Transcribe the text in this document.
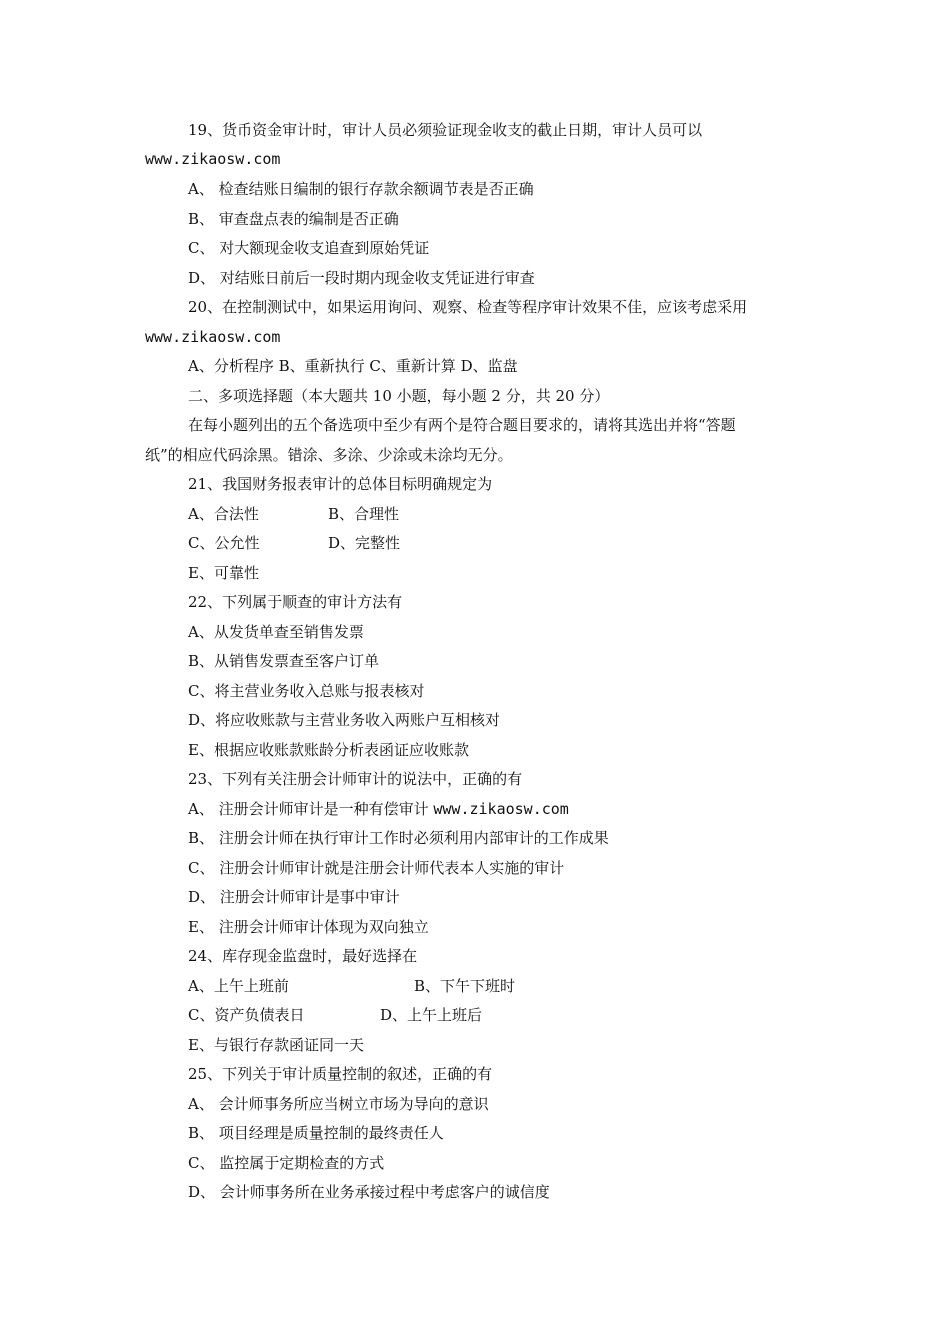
19、货币资金审计时，审计人员必须验证现金收支的截止日期，审计人员可以
www.zikaosw.com
A、 检查结账日编制的银行存款余额调节表是否正确
B、 审查盘点表的编制是否正确
C、 对大额现金收支追查到原始凭证
D、 对结账日前后一段时期内现金收支凭证进行审查
20、在控制测试中，如果运用询问、观察、检查等程序审计效果不佳，应该考虑采用
www.zikaosw.com
A、分析程序 B、重新执行 C、重新计算 D、监盘
二、多项选择题（本大题共 10 小题，每小题 2 分，共 20 分）
在每小题列出的五个备选项中至少有两个是符合题目要求的，请将其选出并将“答题
纸”的相应代码涂黑。错涂、多涂、少涂或未涂均无分。
21、我国财务报表审计的总体目标明确规定为
A、合法性	B、合理性
C、公允性	D、完整性
E、可靠性
22、下列属于顺查的审计方法有
A、从发货单查至销售发票
B、从销售发票查至客户订单
C、将主营业务收入总账与报表核对
D、将应收账款与主营业务收入两账户互相核对
E、根据应收账款账龄分析表函证应收账款
23、下列有关注册会计师审计的说法中，正确的有
A、 注册会计师审计是一种有偿审计 www.zikaosw.com
B、 注册会计师在执行审计工作时必须利用内部审计的工作成果
C、 注册会计师审计就是注册会计师代表本人实施的审计
D、 注册会计师审计是事中审计
E、 注册会计师审计体现为双向独立
24、库存现金监盘时，最好选择在
A、上午上班前	B、下午下班时
C、资产负债表日	D、上午上班后
E、与银行存款函证同一天
25、下列关于审计质量控制的叙述，正确的有
A、 会计师事务所应当树立市场为导向的意识
B、 项目经理是质量控制的最终责任人
C、 监控属于定期检查的方式
D、 会计师事务所在业务承接过程中考虑客户的诚信度
